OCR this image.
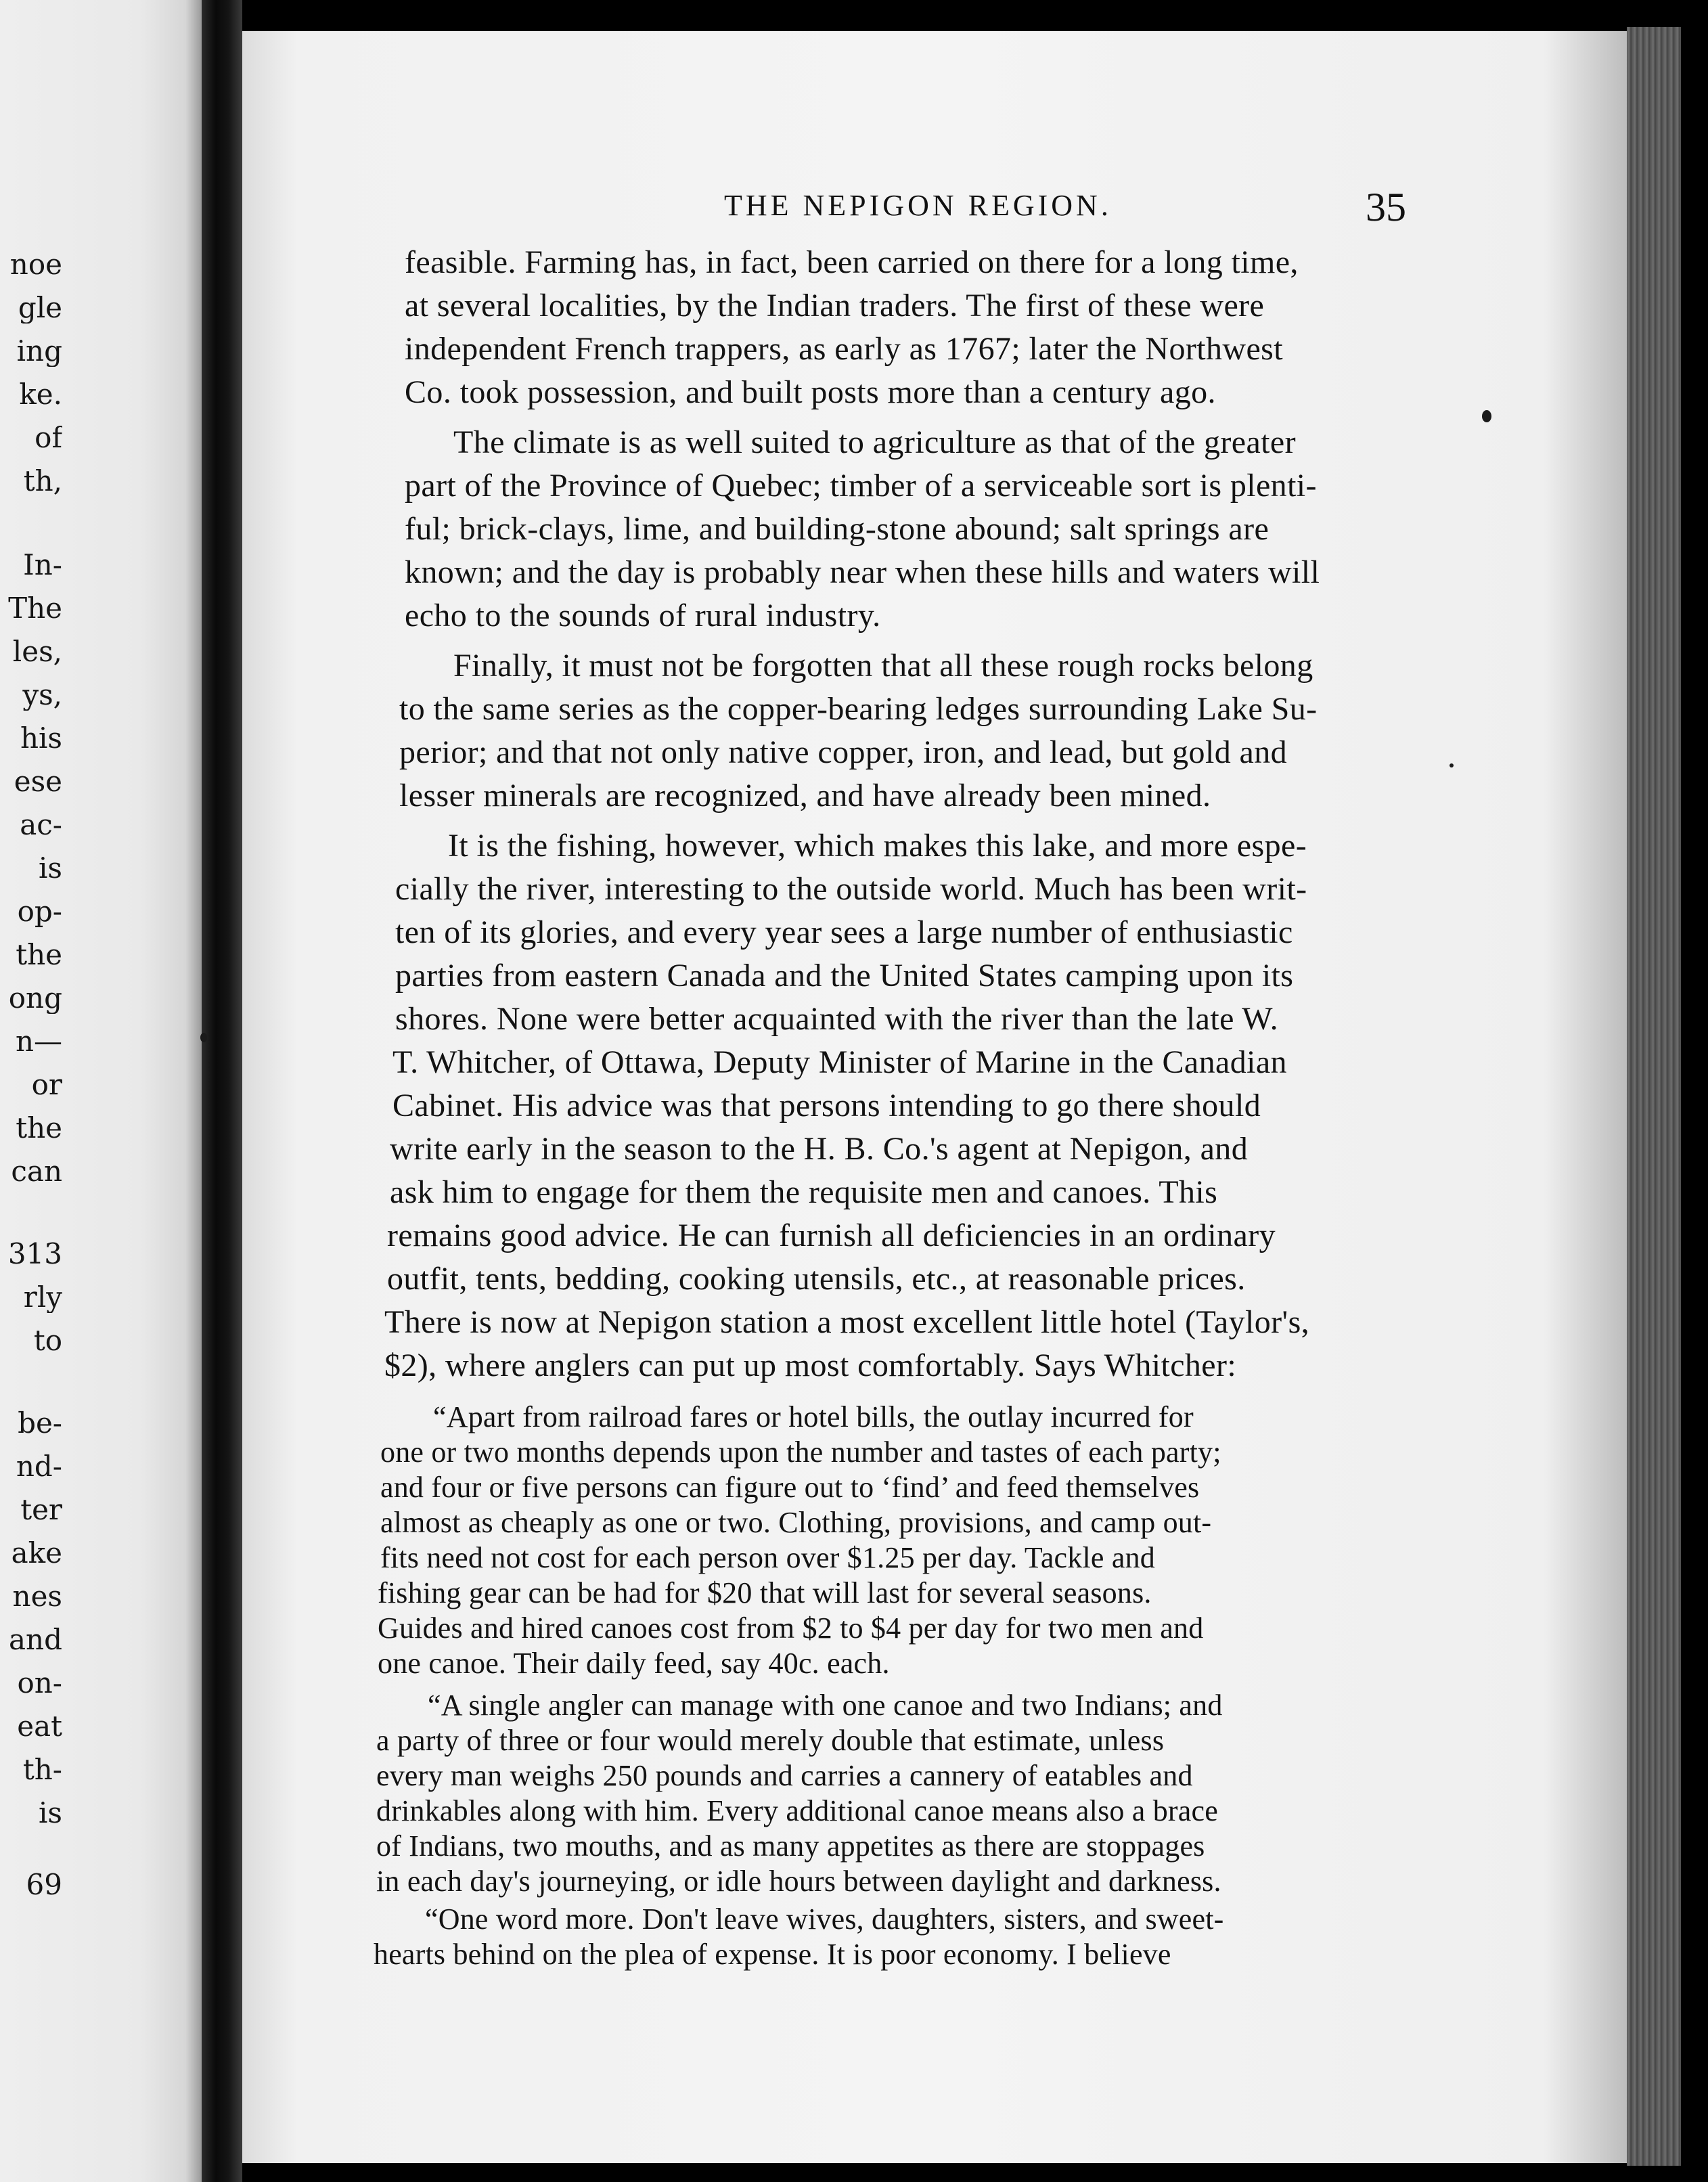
noe
gle
ing
ke.
of
th,
In-
The
les,
ys,
his
ese
ac-
is
op-
the
ong
n—
or
the
can
313
rly
to
be-
nd-
ter
ake
nes
and
on-
eat
th-
is
69
THE NEPIGON REGION.	35
feasible. Farming has, in fact, been carried on there for a long time,
at several localities, by the Indian traders. The first of these were
independent French trappers, as early as 1767; later the Northwest
Co. took possession, and built posts more than a century ago.
The climate is as well suited to agriculture as that of the greater
part of the Province of Quebec; timber of a serviceable sort is plenti-
ful; brick-clays, lime, and building-stone abound; salt springs are
known; and the day is probably near when these hills and waters will
echo to the sounds of rural industry.
Finally, it must not be forgotten that all these rough rocks belong
to the same series as the copper-bearing ledges surrounding Lake Su-
perior; and that not only native copper, iron, and lead, but gold and
lesser minerals are recognized, and have already been mined.
It is the fishing, however, which makes this lake, and more espe-
cially the river, interesting to the outside world. Much has been writ-
ten of its glories, and every year sees a large number of enthusiastic
parties from eastern Canada and the United States camping upon its
shores. None were better acquainted with the river than the late W.
T. Whitcher, of Ottawa, Deputy Minister of Marine in the Canadian
Cabinet. His advice was that persons intending to go there should
write early in the season to the H. B. Co.'s agent at Nepigon, and
ask him to engage for them the requisite men and canoes. This
remains good advice. He can furnish all deficiencies in an ordinary
outfit, tents, bedding, cooking utensils, etc., at reasonable prices.
There is now at Nepigon station a most excellent little hotel (Taylor's,
$2), where anglers can put up most comfortably. Says Whitcher:
“Apart from railroad fares or hotel bills, the outlay incurred for
one or two months depends upon the number and tastes of each party;
and four or five persons can figure out to ‘find’ and feed themselves
almost as cheaply as one or two. Clothing, provisions, and camp out-
fits need not cost for each person over $1.25 per day. Tackle and
fishing gear can be had for $20 that will last for several seasons.
Guides and hired canoes cost from $2 to $4 per day for two men and
one canoe. Their daily feed, say 40c. each.
“A single angler can manage with one canoe and two Indians; and
a party of three or four would merely double that estimate, unless
every man weighs 250 pounds and carries a cannery of eatables and
drinkables along with him. Every additional canoe means also a brace
of Indians, two mouths, and as many appetites as there are stoppages
in each day's journeying, or idle hours between daylight and darkness.
“One word more. Don't leave wives, daughters, sisters, and sweet-
hearts behind on the plea of expense. It is poor economy. I believe
